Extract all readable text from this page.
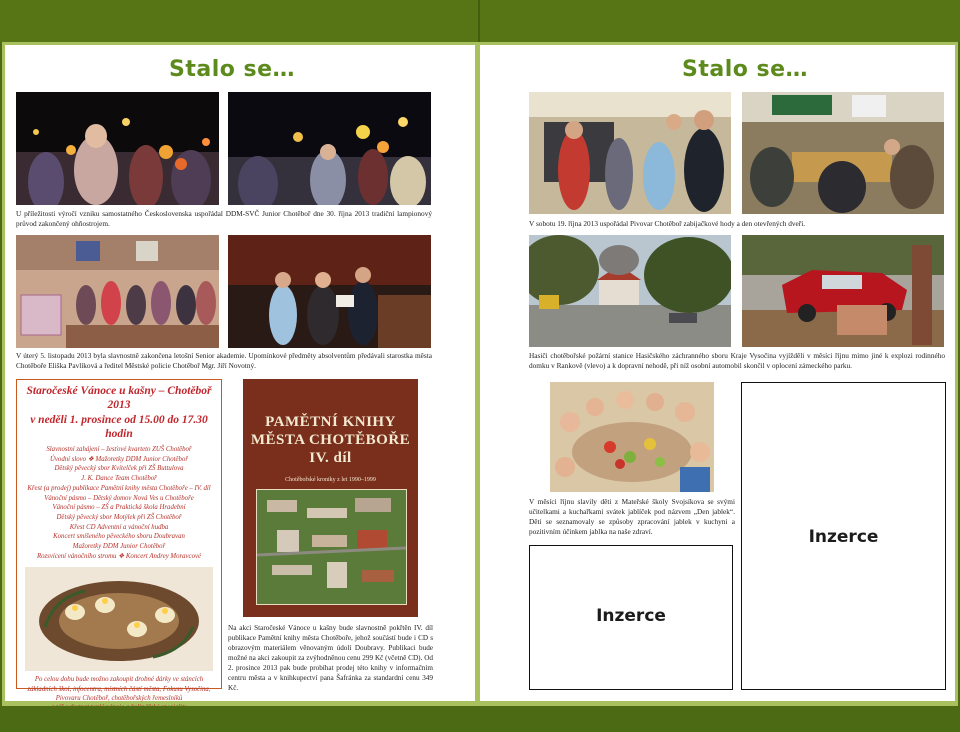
Stalo se…
U příležitosti výročí vzniku samostatného Československa uspořádal DDM-SVČ Junior Chotěboř dne 30. října 2013 tradiční lampionový průvod zakončený ohňostrojem.
V úterý 5. listopadu 2013 byla slavnostně zakončena letošní Senior akademie. Upomínkové předměty absolventům předávali starostka města Chotěboře Eliška Pavlíková a ředitel Městské policie Chotěboř Mgr. Jiří Novotný.
Staročeské Vánoce u kašny – Chotěboř 2013
v neděli 1. prosince od 15.00 do 17.30 hodin
Slavnostní zahájení – žesťové kvarteto ZUŠ Chotěboř
Úvodní slovo ❖ Mažoretky DDM Junior Chotěboř
Dětský pěvecký sbor Kvítelček při ZŠ Buttulova
J. K. Dance Team Chotěboř
Křest (a prodej) publikace Pamětní knihy města Chotěboře – IV. díl
Vánoční pásmo – Dětský domov Nová Ves u Chotěboře
Vánoční pásmo – ZŠ a Praktická škola Hradební
Dětský pěvecký sbor Motýlek při ZŠ Chotěboř
Křest CD Adventní a vánoční hudba
Koncert smíšeného pěveckého sboru Doubravan
Mažoretky DDM Junior Chotěboř
Rozsvícení vánočního stromu ❖ Koncert Andrey Moravcové
Po celou dobu bude možno zakoupit drobné dárky ve stáncích
základních škol, infocentra, místních částí města, Fokusu Vysočina,
Pivovaru Chotěboř, chotěbořských řemeslníků
PAMĚTNÍ KNIHY
MĚSTA CHOTĚBOŘE
IV. díl
Chotěbořské kroniky z let 1990–1999
Na akci Staročeské Vánoce u kašny bude slavnostně pokřtěn IV. díl publikace Pamětní knihy města Chotěboře, jehož součástí bude i CD s obrazovým materiálem věnovaným údolí Doubravy. Publikaci bude možné na akci zakoupit za zvýhodněnou cenu 299 Kč (včetně CD). Od 2. prosince 2013 pak bude probíhat prodej této knihy v informačním centru města a v knihkupectví pana Šafránka za standardní cenu 349 Kč.
Stalo se…
V sobotu 19. října 2013 uspořádal Pivovar Chotěboř zabijačkové hody a den otevřených dveří.
Hasiči chotěbořské požární stanice Hasičského záchranného sboru Kraje Vysočina vyjížděli v měsíci říjnu mimo jiné k explozi rodinného domku v Rankově (vlevo) a k dopravní nehodě, při níž osobní automobil skončil v oplocení zámeckého parku.
V měsíci říjnu slavily děti z Mateřské školy Svojsíkova se svými učitelkami a kuchařkami svátek jablíček pod názvem „Den jablek“. Děti se seznamovaly se způsoby zpracování jablek v kuchyni a pozitivním účinkem jablka na naše zdraví.	Inzerce
Inzerce
